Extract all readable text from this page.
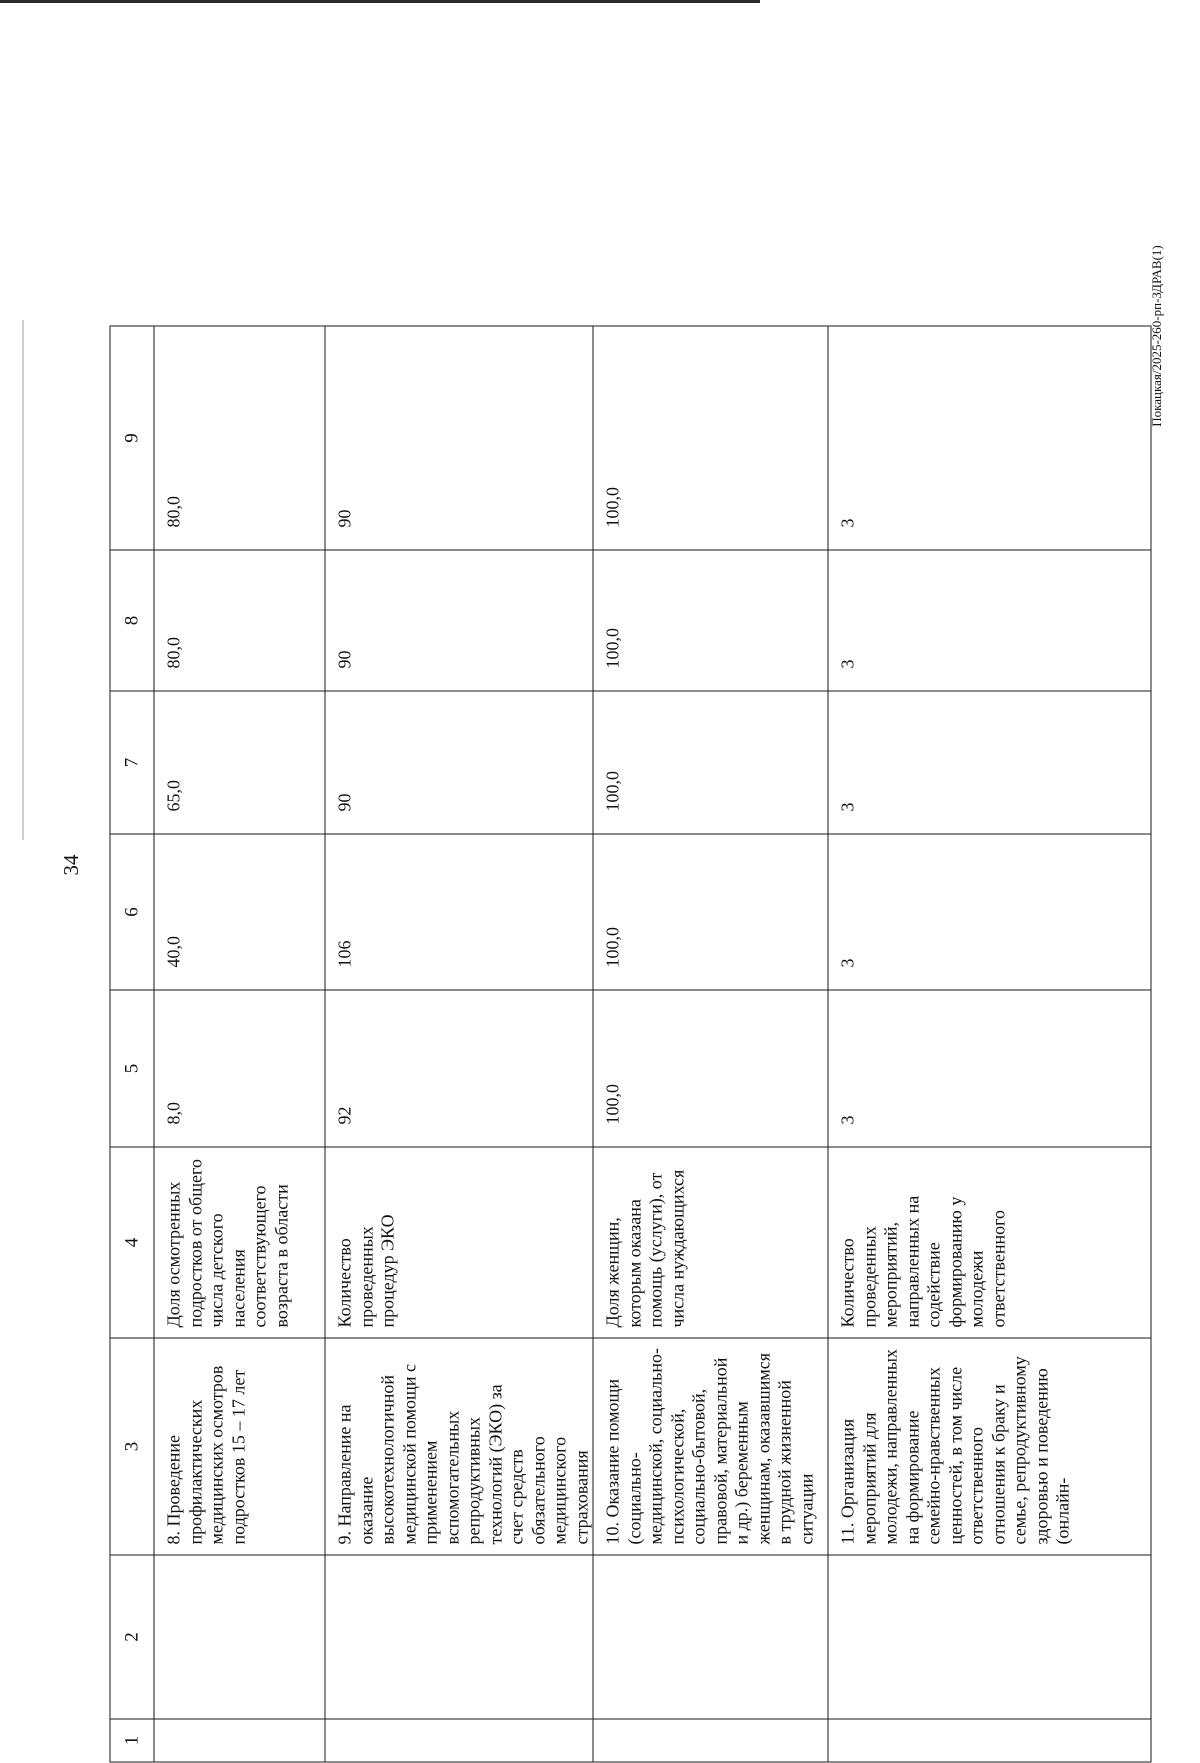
34
Покацкая/2025-260-рп-ЗДРАВ(1)
1	2	3	4	5	6	7	8	9
		8. Проведение профилактических медицинских осмотров подростков 15 – 17 лет	Доля осмотренных подростков от общего числа детского населения соответствующего возраста в области	8,0	40,0	65,0	80,0	80,0
		9. Направление на оказание высокотехнологичной медицинской помощи с применением вспомогательных репродуктивных технологий (ЭКО) за счет средств обязательного медицинского страхования	Количество проведенных процедур ЭКО	92	106	90	90	90
		10. Оказание помощи (социально-медицинской, социально-психологической, социально-бытовой, правовой, материальной и др.) беременным женщинам, оказавшимся в трудной жизненной ситуации	Доля женщин, которым оказана помощь (услуги), от числа нуждающихся	100,0	100,0	100,0	100,0	100,0
		11. Организация мероприятий для молодежи, направленных на формирование семейно-нравственных ценностей, в том числе ответственного отношения к браку и семье, репродуктивному здоровью и поведению (онлайн-	Количество проведенных мероприятий, направленных на содействие формированию у молодежи ответственного	3	3	3	3	3
